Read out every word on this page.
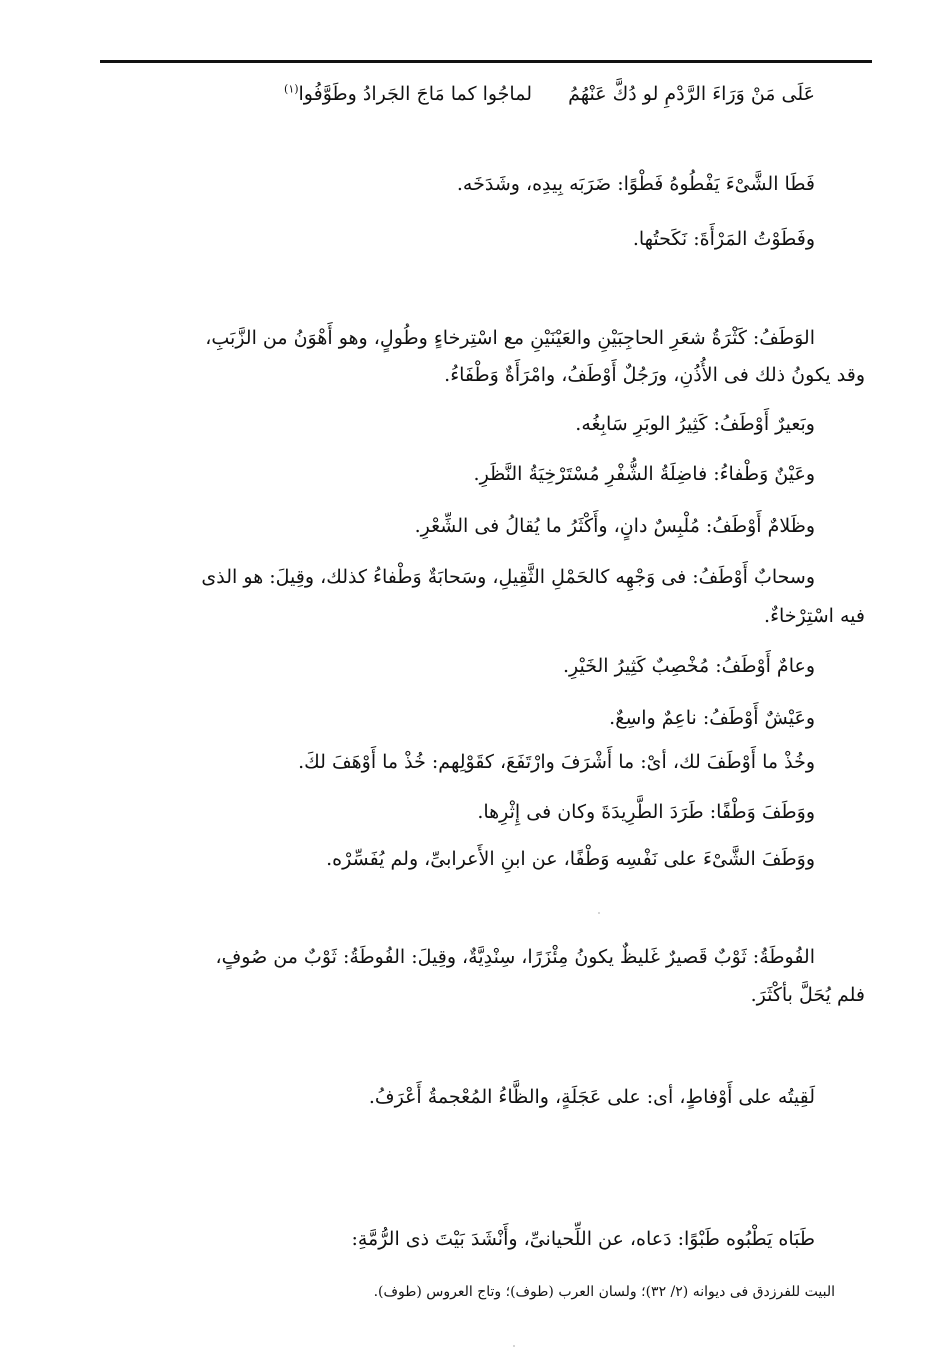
عَلَى مَنْ وَرَاءَ الرَّدْمِ لو دُكَّ عَنْهُمُ
لماجُوا كما مَاجَ الجَرادُ وطَوَّفُوا$^{(١)}$
فَطَا الشَّىْءَ يَفْطُوهُ فَطْوًا: ضَرَبَه بِيدِه، وشَدَخَه.
وفَطَوْتُ المَرْأَةَ: نَكَحتُها.
الوَطَفُ: كَثْرَةُ شعَرِ الحاجِبَيْنِ والعَيْنَيْنِ مع اسْتِرخاءٍ وطُولٍ، وهو أَهْوَنُ من الزَّبَبِ،
وقد يكونُ ذلك فى الأُذُنِ، ورَجُلٌ أَوْطَفُ، وامْرَأَةٌ وَطْفَاءُ.
وبَعيرٌ أَوْطَفُ: كَثِيرُ الوبَرِ سَابِغُه.
وعَيْنٌ وَطْفاءُ: فاضِلَةُ الشُّفْرِ مُسْتَرْخِيَةُ النَّظَرِ.
وظَلامٌ أَوْطَفُ: مُلْبِسٌ دانٍ، وأَكْثَرُ ما يُقالُ فى الشِّعْرِ.
وسحابٌ أَوْطَفُ: فى وَجْهِه كالحَمْلِ الثَّقِيلِ، وسَحابَةٌ وَطْفاءُ كذلك، وقِيلَ: هو الذى
فيه اسْتِرْخاءٌ.
وعامٌ أَوْطَفُ: مُخْصِبٌ كَثِيرُ الخَيْرِ.
وعَيْشٌ أَوْطَفُ: ناعِمٌ واسِعٌ.
وخُذْ ما أَوْطَفَ لك، أىْ: ما أَشْرَفَ وارْتَفَعَ، كقَوْلِهم: خُذْ ما أَوْهَفَ لكَ.
ووَطَفَ وَطْفًا: طَرَدَ الطَّرِيدَةَ وكان فى إِثْرِها.
ووَطَفَ الشَّىْءَ على نَفْسِه وَطْفًا، عن ابنِ الأَعرابىِّ، ولم يُفَسِّرْه.
الفُوطَةُ: ثَوْبٌ قَصيرٌ غَليظٌ يكونُ مِئْزَرًا، سِنْدِيَّةٌ، وقِيلَ: الفُوطَةُ: ثَوْبٌ من صُوفٍ،
فلم يُحَلَّ بأكْثَرَ.
لَقِيتُه على أَوْفاطٍ، أى: على عَجَلَةٍ، والظَّاءُ المُعْجمةُ أَعْرَفُ.
طَبَاه يَطْبُوه طَبْوًا: دَعاه، عن اللِّحيانىِّ، وأَنْشَدَ بَيْتَ ذى الرُّمَّةِ:
البيت للفرزدق فى ديوانه (٢/ ٣٢)؛ ولسان العرب (طوف)؛ وتاج العروس (طوف).
